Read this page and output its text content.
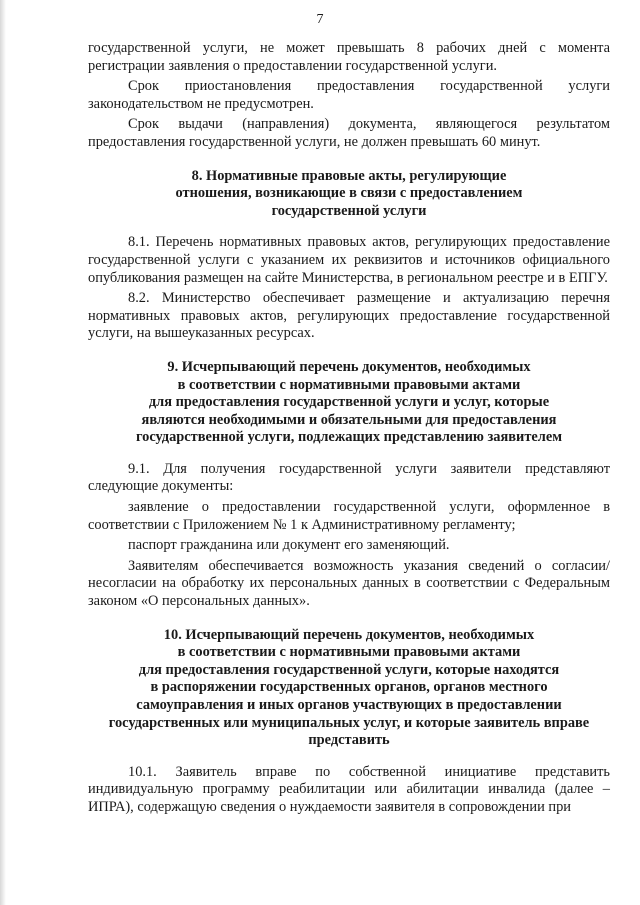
7

государственной услуги, не может превышать 8 рабочих дней с момента регистрации заявления о предоставлении государственной услуги.

Срок приостановления предоставления государственной услуги законодательством не предусмотрен.

Срок выдачи (направления) документа, являющегося результатом предоставления государственной услуги, не должен превышать 60 минут.

8. Нормативные правовые акты, регулирующие
отношения, возникающие в связи с предоставлением
государственной услуги

8.1. Перечень нормативных правовых актов, регулирующих предоставление государственной услуги с указанием их реквизитов и источников официального опубликования размещен на сайте Министерства, в региональном реестре и в ЕПГУ.

8.2. Министерство обеспечивает размещение и актуализацию перечня нормативных правовых актов, регулирующих предоставление государственной услуги, на вышеуказанных ресурсах.

9. Исчерпывающий перечень документов, необходимых
в соответствии с нормативными правовыми актами
для предоставления государственной услуги и услуг, которые
являются необходимыми и обязательными для предоставления
государственной услуги, подлежащих представлению заявителем

9.1. Для получения государственной услуги заявители представляют следующие документы:

заявление о предоставлении государственной услуги, оформленное в соответствии с Приложением № 1 к Административному регламенту;

паспорт гражданина или документ его заменяющий.

Заявителям обеспечивается возможность указания сведений о согласии/несогласии на обработку их персональных данных в соответствии с Федеральным законом «О персональных данных».

10. Исчерпывающий перечень документов, необходимых
в соответствии с нормативными правовыми актами
для предоставления государственной услуги, которые находятся
в распоряжении государственных органов, органов местного
самоуправления и иных органов участвующих в предоставлении
государственных или муниципальных услуг, и которые заявитель вправе
представить

10.1. Заявитель вправе по собственной инициативе представить индивидуальную программу реабилитации или абилитации инвалида (далее – ИПРА), содержащую сведения о нуждаемости заявителя в сопровождении при
